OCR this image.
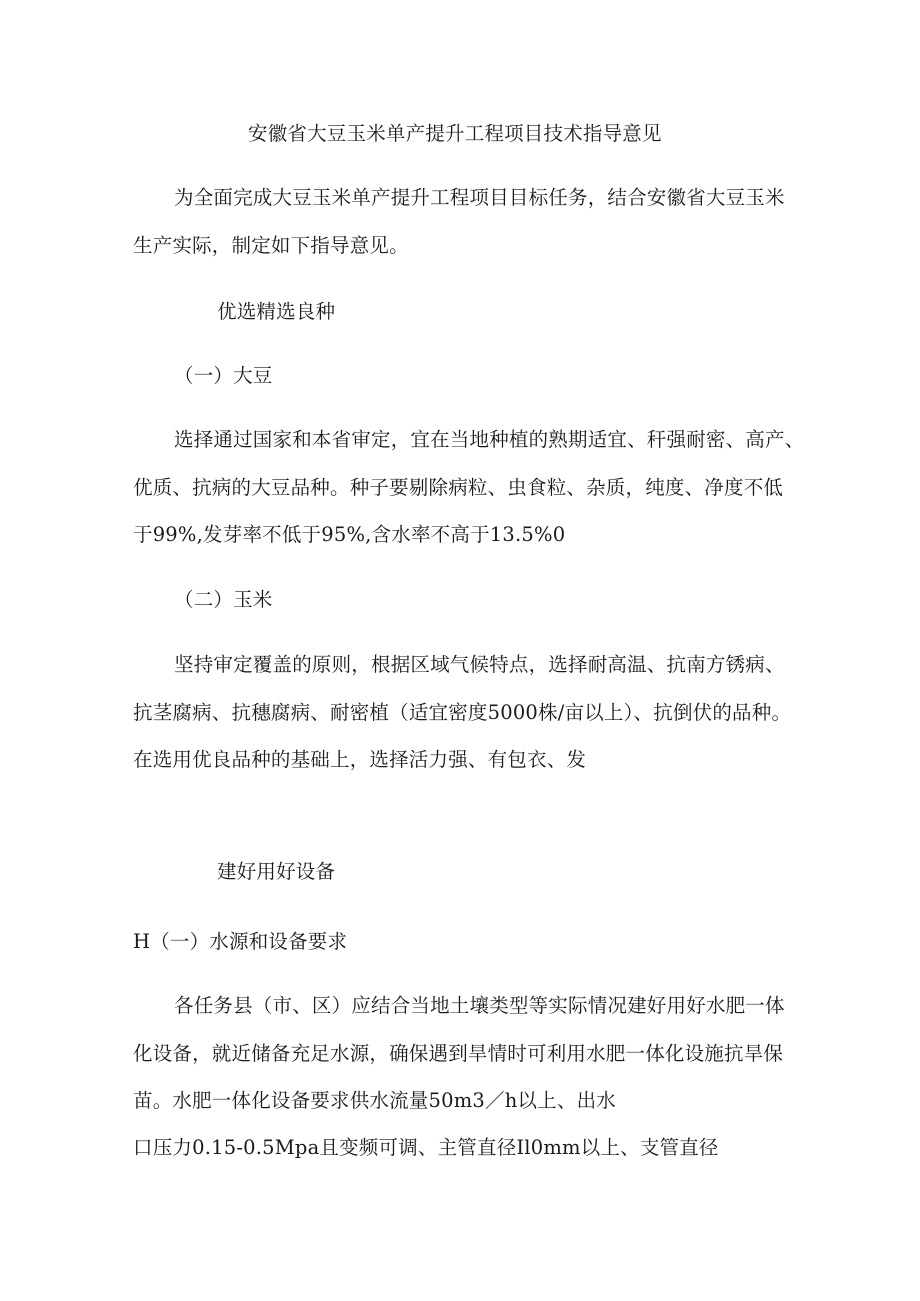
安徽省大豆玉米单产提升工程项目技术指导意见
为全面完成大豆玉米单产提升工程项目目标任务，结合安徽省大豆玉米
生产实际，制定如下指导意见。
优选精选良种
（一）大豆
选择通过国家和本省审定，宜在当地种植的熟期适宜、秆强耐密、高产、
优质、抗病的大豆品种。种子要剔除病粒、虫食粒、杂质，纯度、净度不低
于99%,发芽率不低于95%,含水率不高于13.5%0
（二）玉米
坚持审定覆盖的原则，根据区域气候特点，选择耐高温、抗南方锈病、
抗茎腐病、抗穗腐病、耐密植（适宜密度5000株/亩以上）、抗倒伏的品种。
在选用优良品种的基础上，选择活力强、有包衣、发
建好用好设备
H（一）水源和设备要求
各任务县（市、区）应结合当地土壤类型等实际情况建好用好水肥一体
化设备，就近储备充足水源，确保遇到旱情时可利用水肥一体化设施抗旱保
苗。水肥一体化设备要求供水流量50m3／h以上、出水
口压力0.15-0.5Mpa且变频可调、主管直径Il0mm以上、支管直径
